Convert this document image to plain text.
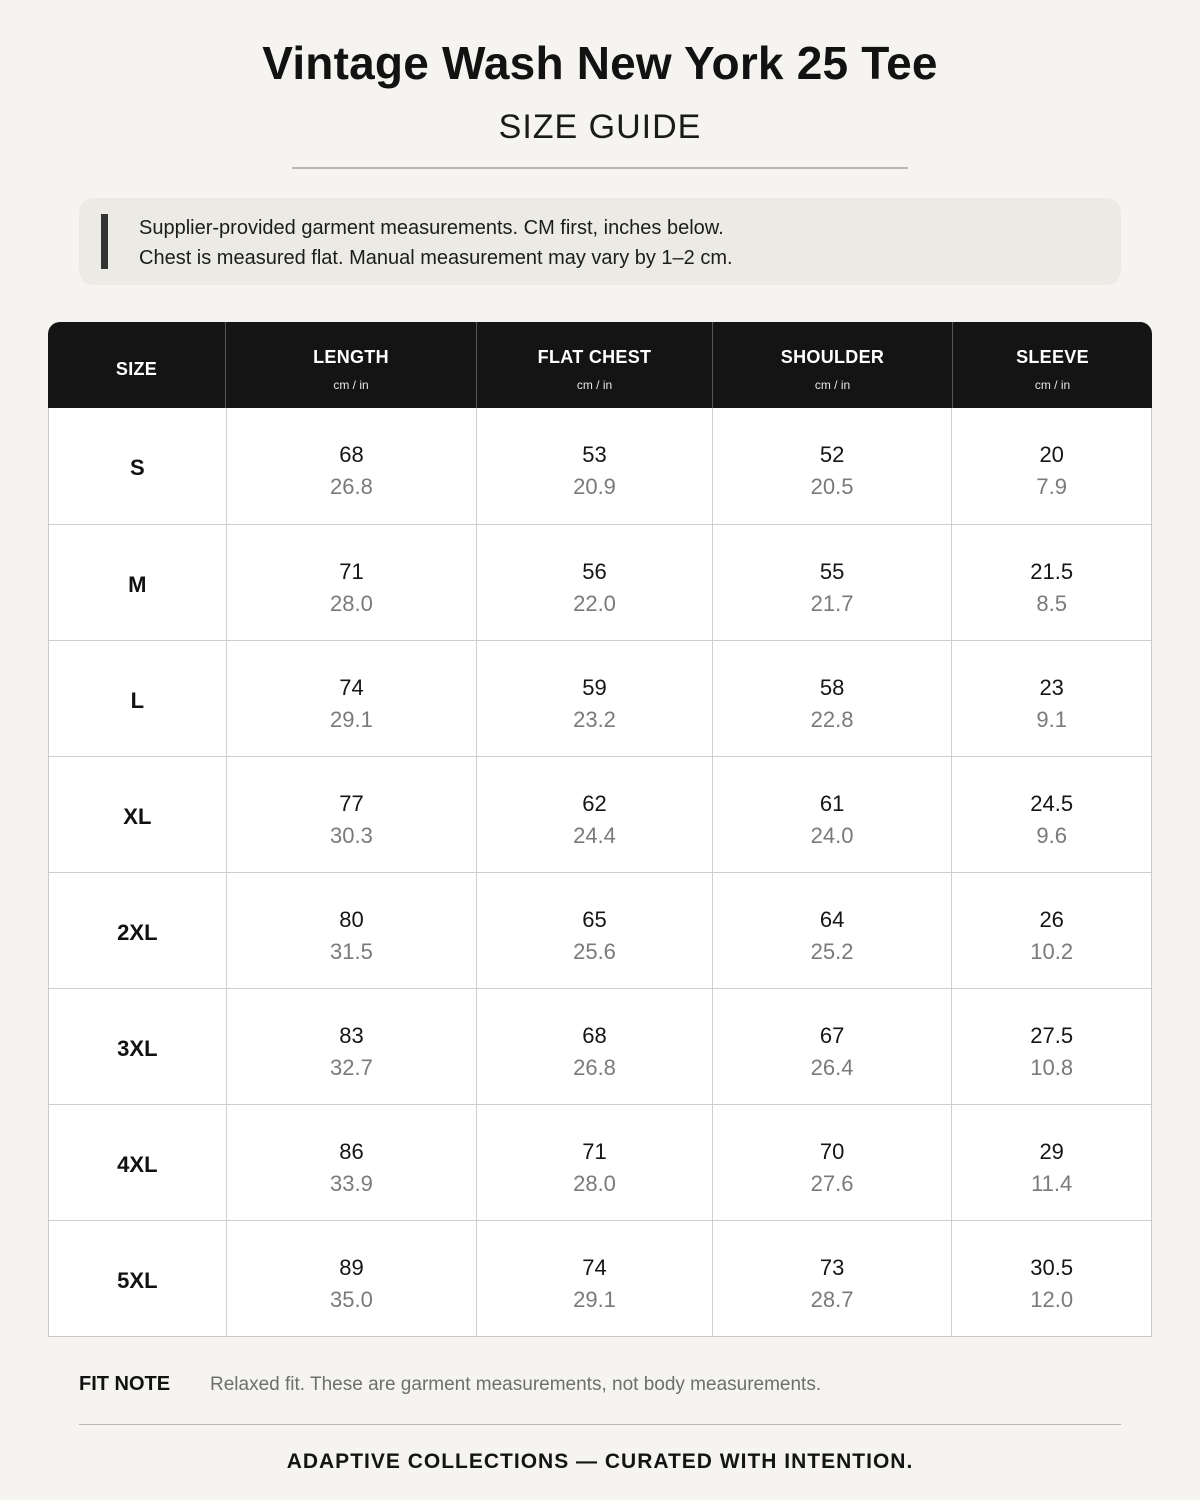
Vintage Wash New York 25 Tee
SIZE GUIDE
Supplier-provided garment measurements. CM first, inches below.
Chest is measured flat. Manual measurement may vary by 1–2 cm.
SIZE
LENGTH
cm / in
FLAT CHEST
cm / in
SHOULDER
cm / in
SLEEVE
cm / in
S
68
26.8
53
20.9
52
20.5
20
7.9
M
71
28.0
56
22.0
55
21.7
21.5
8.5
L
74
29.1
59
23.2
58
22.8
23
9.1
XL
77
30.3
62
24.4
61
24.0
24.5
9.6
2XL
80
31.5
65
25.6
64
25.2
26
10.2
3XL
83
32.7
68
26.8
67
26.4
27.5
10.8
4XL
86
33.9
71
28.0
70
27.6
29
11.4
5XL
89
35.0
74
29.1
73
28.7
30.5
12.0
FIT NOTE Relaxed fit. These are garment measurements, not body measurements.
ADAPTIVE COLLECTIONS — CURATED WITH INTENTION.
